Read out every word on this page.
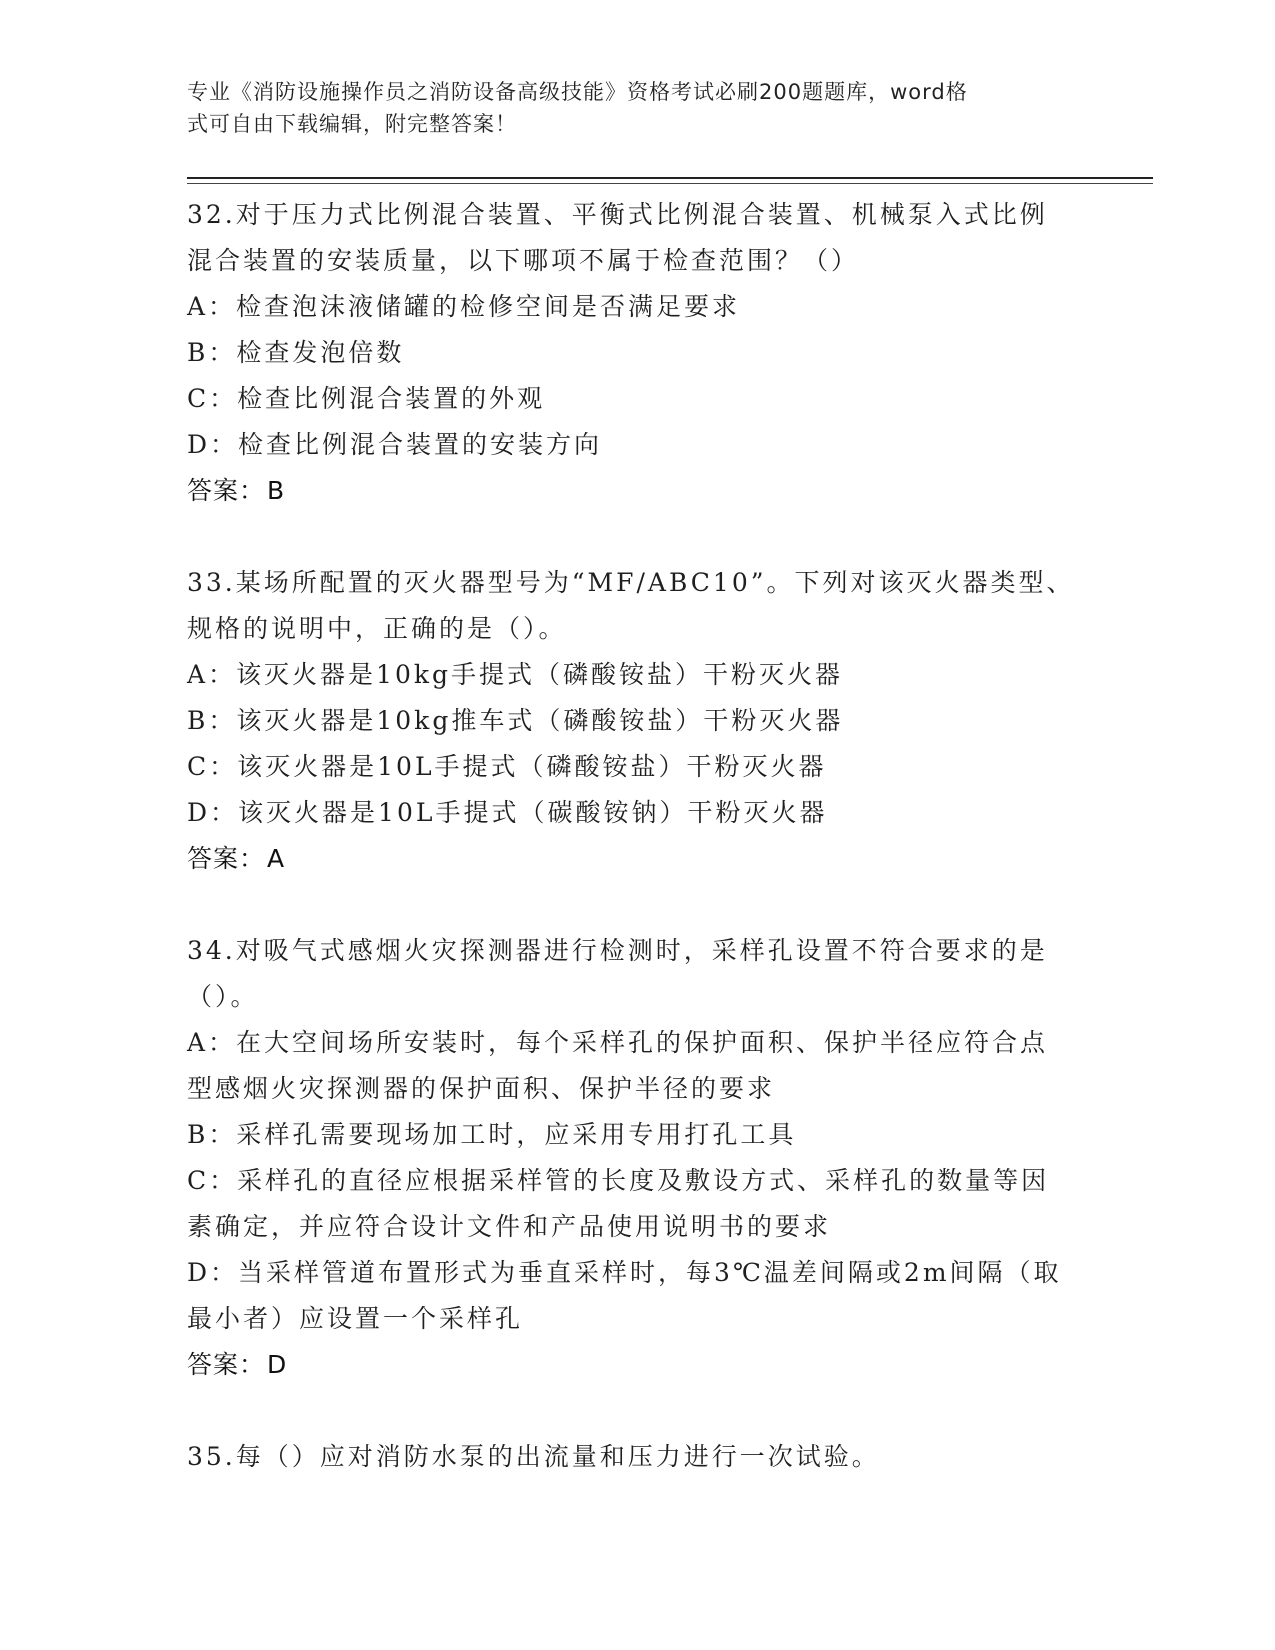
专业《消防设施操作员之消防设备高级技能》资格考试必刷200题题库，word格
式可自由下载编辑，附完整答案！
32.对于压力式比例混合装置、平衡式比例混合装置、机械泵入式比例
混合装置的安装质量，以下哪项不属于检查范围？（）
A：检查泡沫液储罐的检修空间是否满足要求
B：检查发泡倍数
C：检查比例混合装置的外观
D：检查比例混合装置的安装方向
答案：B
33.某场所配置的灭火器型号为“MF/ABC10”。下列对该灭火器类型、
规格的说明中，正确的是（）。
A：该灭火器是10kg手提式（磷酸铵盐）干粉灭火器
B：该灭火器是10kg推车式（磷酸铵盐）干粉灭火器
C：该灭火器是10L手提式（磷酸铵盐）干粉灭火器
D：该灭火器是10L手提式（碳酸铵钠）干粉灭火器
答案：A
34.对吸气式感烟火灾探测器进行检测时，采样孔设置不符合要求的是
（）。
A：在大空间场所安装时，每个采样孔的保护面积、保护半径应符合点
型感烟火灾探测器的保护面积、保护半径的要求
B：采样孔需要现场加工时，应采用专用打孔工具
C：采样孔的直径应根据采样管的长度及敷设方式、采样孔的数量等因
素确定，并应符合设计文件和产品使用说明书的要求
D：当采样管道布置形式为垂直采样时，每3℃温差间隔或2m间隔（取
最小者）应设置一个采样孔
答案：D
35.每（）应对消防水泵的出流量和压力进行一次试验。
